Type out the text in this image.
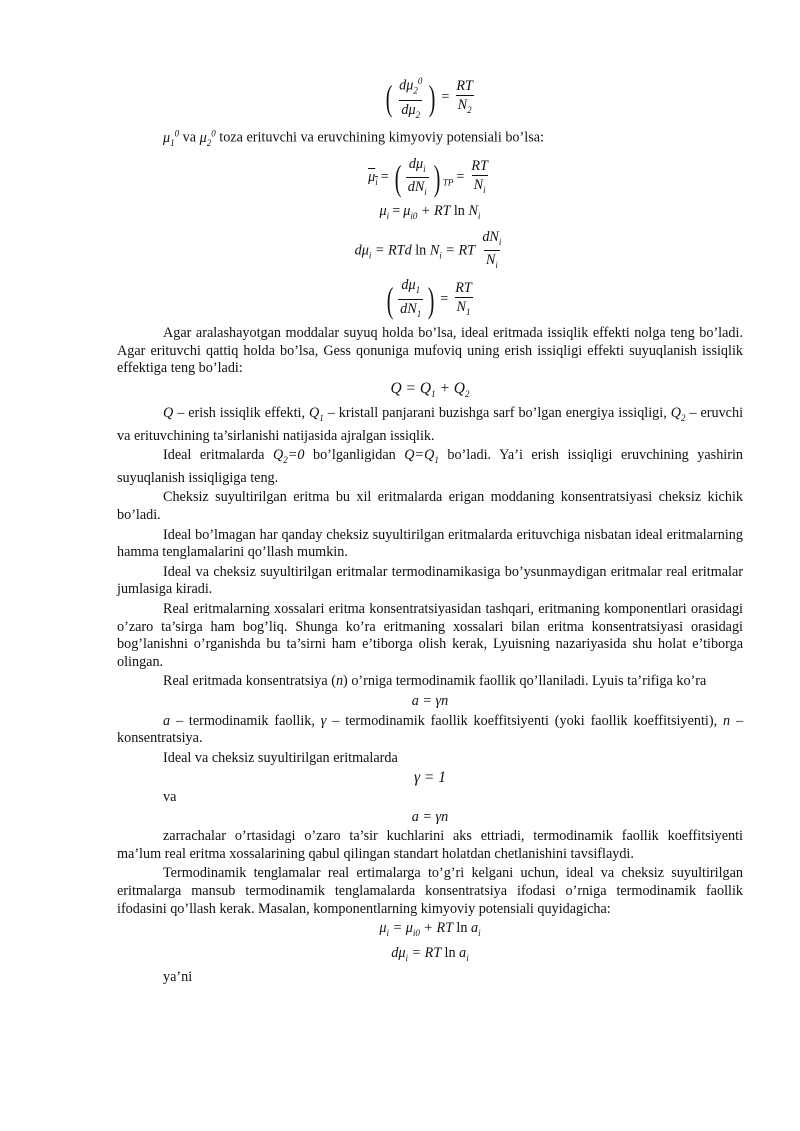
( $\frac{d\mu_2^0}{d\mu_2}$ ) = $\frac{RT}{N_2}$

$\mu_1^0$ va $\mu_2^0$ toza erituvchi va eruvchining kimyoviy potensiali bo’lsa:

$\mu_i$ = ( $\frac{d\mu_i}{dN_i}$ ) $_{TP} = \frac{RT}{N_i}$
$\mu_i = \mu_{i0}$ + RT $\ln N_i$
$d\mu_i$ = RTd $\ln N_i$ = RT $\frac{dN_i}{N_i}$
( $\frac{d\mu_1}{dN_1}$ ) = $\frac{RT}{N_1}$

Agar aralashayotgan moddalar suyuq holda bo’lsa, ideal eritmada issiqlik effekti nolga teng bo’ladi. Agar erituvchi qattiq holda bo’lsa, Gess qonuniga mufoviq uning erish issiqligi effekti suyuqlanish issiqlik effektiga teng bo’ladi:

$Q = Q_1 + Q_2$

Q – erish issiqlik effekti, $Q_1$ – kristall panjarani buzishga sarf bo’lgan energiya issiqligi, $Q_2$ – eruvchi va erituvchining ta’sirlanishi natijasida ajralgan issiqlik.

Ideal eritmalarda $Q_2=0$ bo’lganligidan $Q=Q_1$ bo’ladi. Ya’i erish issiqligi eruvchining yashirin suyuqlanish issiqligiga teng.

Cheksiz suyultirilgan eritma bu xil eritmalarda erigan moddaning konsentratsiyasi cheksiz kichik bo’ladi.

Ideal bo’lmagan har qanday cheksiz suyultirilgan eritmalarda erituvchiga nisbatan ideal eritmalarning hamma tenglamalarini qo’llash mumkin.

Ideal va cheksiz suyultirilgan eritmalar termodinamikasiga bo’ysunmaydigan eritmalar real eritmalar jumlasiga kiradi.

Real eritmalarning xossalari eritma konsentratsiyasidan tashqari, eritmaning komponentlari orasidagi o’zaro ta’sirga ham bog’liq. Shunga ko’ra eritmaning xossalari bilan eritma konsentratsiyasi orasidagi bog’lanishni o’rganishda bu ta’sirni ham e’tiborga olish kerak, Lyuisning nazariyasida shu holat e’tiborga olingan.

Real eritmada konsentratsiya (n) o’rniga termodinamik faollik qo’llaniladi. Lyuis ta’rifiga ko’ra

a = γn

a – termodinamik faollik, γ – termodinamik faollik koeffitsiyenti (yoki faollik koeffitsiyenti), n – konsentratsiya.

Ideal va cheksiz suyultirilgan eritmalarda

γ = 1

va

a = γn

zarrachalar o’rtasidagi o’zaro ta’sir kuchlarini aks ettriadi, termodinamik faollik koeffitsiyenti ma’lum real eritma xossalarining qabul qilingan standart holatdan chetlanishini tavsiflaydi.

Termodinamik tenglamalar real ertimalarga to’g’ri kelgani uchun, ideal va cheksiz suyultirilgan eritmalarga mansub termodinamik tenglamalarda konsentratsiya ifodasi o’rniga termodinamik faollik ifodasini qo’llash kerak. Masalan, komponentlarning kimyoviy potensiali quyidagicha:

$\mu_i = \mu_{i0}$ + RT $\ln a_i$
$d\mu_i$ = RT $\ln a_i$

ya’ni
